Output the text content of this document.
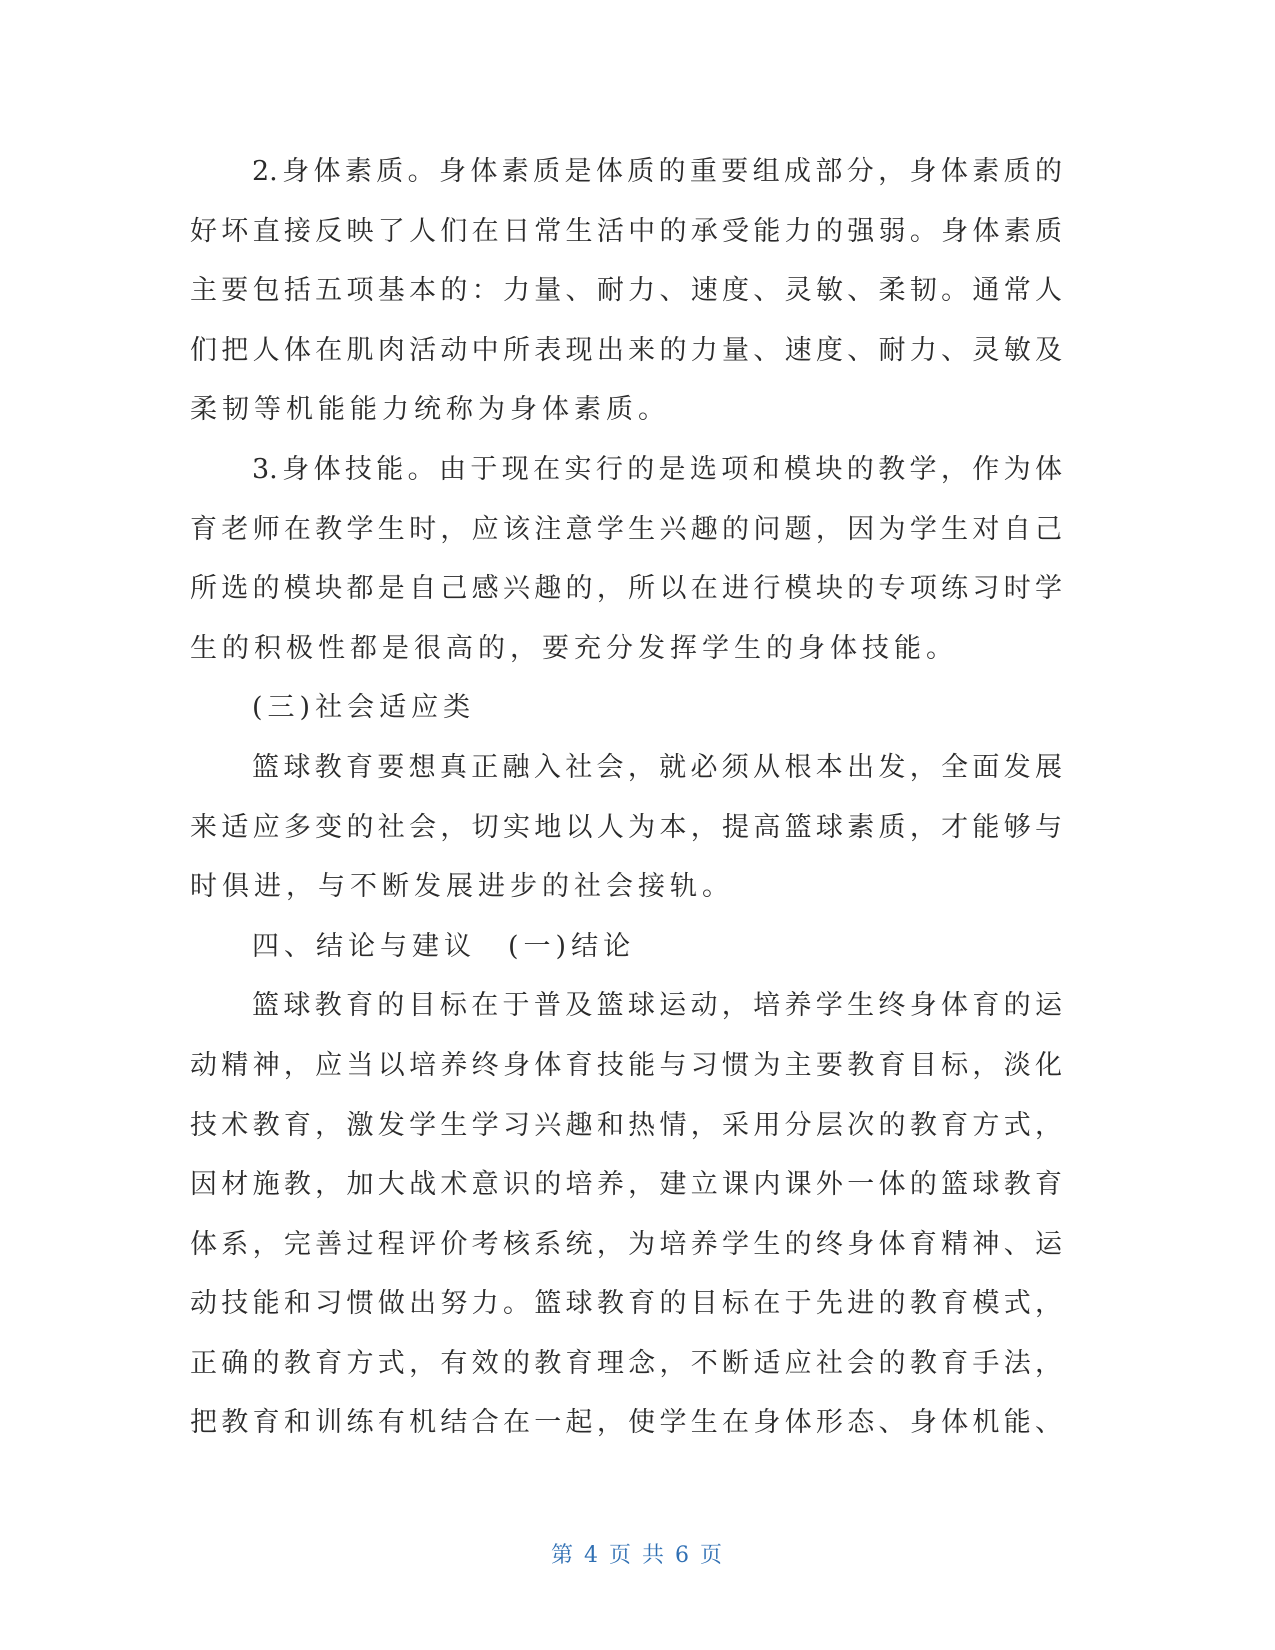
2.身体素质。身体素质是体质的重要组成部分，身体素质的
好坏直接反映了人们在日常生活中的承受能力的强弱。身体素质
主要包括五项基本的：力量、耐力、速度、灵敏、柔韧。通常人
们把人体在肌肉活动中所表现出来的力量、速度、耐力、灵敏及
柔韧等机能能力统称为身体素质。
3.身体技能。由于现在实行的是选项和模块的教学，作为体
育老师在教学生时，应该注意学生兴趣的问题，因为学生对自己
所选的模块都是自己感兴趣的，所以在进行模块的专项练习时学
生的积极性都是很高的，要充分发挥学生的身体技能。
(三)社会适应类
篮球教育要想真正融入社会，就必须从根本出发，全面发展
来适应多变的社会，切实地以人为本，提高篮球素质，才能够与
时俱进，与不断发展进步的社会接轨。
四、结论与建议　(一)结论
篮球教育的目标在于普及篮球运动，培养学生终身体育的运
动精神，应当以培养终身体育技能与习惯为主要教育目标，淡化
技术教育，激发学生学习兴趣和热情，采用分层次的教育方式，
因材施教，加大战术意识的培养，建立课内课外一体的篮球教育
体系，完善过程评价考核系统，为培养学生的终身体育精神、运
动技能和习惯做出努力。篮球教育的目标在于先进的教育模式，
正确的教育方式，有效的教育理念，不断适应社会的教育手法，
把教育和训练有机结合在一起，使学生在身体形态、身体机能、
第 4 页 共 6 页
